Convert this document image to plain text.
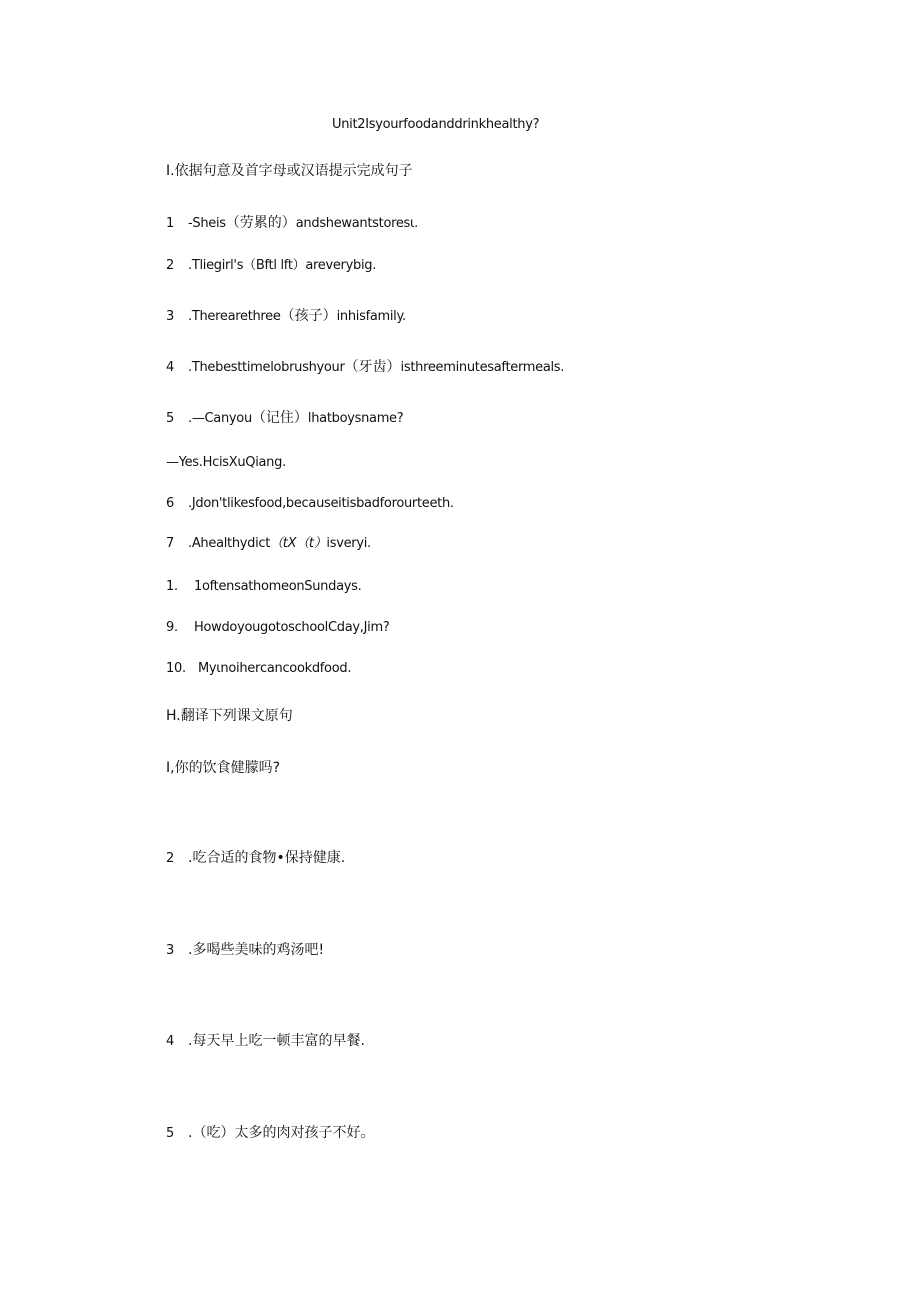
Unit2Isyourfoodanddrinkhealthy?
I.依据句意及首字母或汉语提示完成句子
1 -Sheis（劳累的）andshewantstoresι.
2 .Tliegirl's（Bftl lft）areverybig.
3 .Therearethree（孩子）inhisfamily.
4 .Thebesttimelobrushyour（牙齿）isthreeminutesaftermeals.
5 .—Canyou（记住）lhatboysname?
—Yes.HcisXuQiang.
6 .Jdon'tlikesfood,becauseitisbadforourteeth.
7 .Ahealthydict（tX（t）isveryi.
1. 1oftensathomeonSundays.
9. HowdoyougotoschoolCday,Jim?
10. Myιnoiherсancookdfood.
H.翻译下列课文原句
I,你的饮食健朦吗?
2 .吃合适的食物•保持健康.
3 .多喝些美味的鸡汤吧!
4 .每天早上吃一顿丰富的早餐.
5 .（吃）太多的肉对孩子不好。
